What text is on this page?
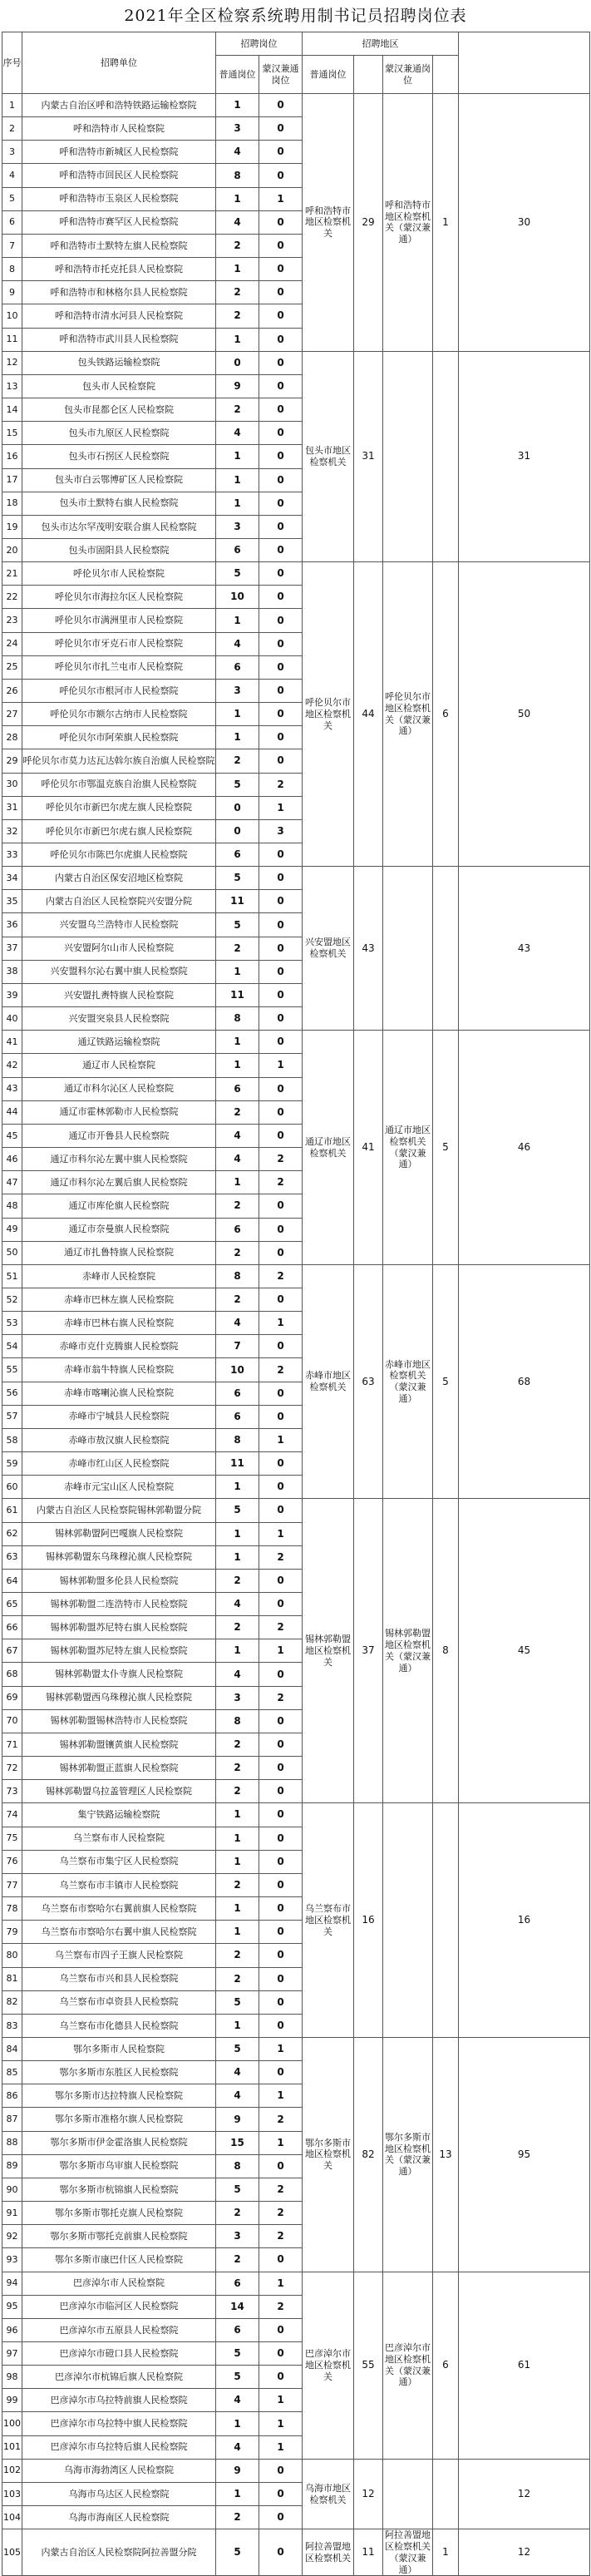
2021年全区检察系统聘用制书记员招聘岗位表
序号	招聘单位	招聘岗位		招聘地区				
		普通岗位	蒙汉兼通岗位	普通岗位		蒙汉兼通岗位		
1	内蒙古自治区呼和浩特铁路运输检察院	1	0	呼和浩特市地区检察机关	29	呼和浩特市地区检察机关（蒙汉兼通）	1	30
2	呼和浩特市人民检察院	3	0					
3	呼和浩特市新城区人民检察院	4	0					
4	呼和浩特市回民区人民检察院	8	0					
5	呼和浩特市玉泉区人民检察院	1	1					
6	呼和浩特市赛罕区人民检察院	4	0					
7	呼和浩特市土默特左旗人民检察院	2	0					
8	呼和浩特市托克托县人民检察院	1	0					
9	呼和浩特市和林格尔县人民检察院	2	0					
10	呼和浩特市清水河县人民检察院	2	0					
11	呼和浩特市武川县人民检察院	1	0					
12	包头铁路运输检察院	0	0	包头市地区检察机关	31			31
13	包头市人民检察院	9	0					
14	包头市昆都仑区人民检察院	2	0					
15	包头市九原区人民检察院	4	0					
16	包头市石拐区人民检察院	1	0					
17	包头市白云鄂博矿区人民检察院	1	0					
18	包头市土默特右旗人民检察院	1	0					
19	包头市达尔罕茂明安联合旗人民检察院	3	0					
20	包头市固阳县人民检察院	6	0					
21	呼伦贝尔市人民检察院	5	0	呼伦贝尔市地区检察机关	44	呼伦贝尔市地区检察机关（蒙汉兼通）	6	50
22	呼伦贝尔市海拉尔区人民检察院	10	0					
23	呼伦贝尔市满洲里市人民检察院	1	0					
24	呼伦贝尔市牙克石市人民检察院	4	0					
25	呼伦贝尔市扎兰屯市人民检察院	6	0					
26	呼伦贝尔市根河市人民检察院	3	0					
27	呼伦贝尔市额尔古纳市人民检察院	1	0					
28	呼伦贝尔市阿荣旗人民检察院	1	0					
29	呼伦贝尔市莫力达瓦达斡尔族自治旗人民检察院	2	0					
30	呼伦贝尔市鄂温克族自治旗人民检察院	5	2					
31	呼伦贝尔市新巴尔虎左旗人民检察院	0	1					
32	呼伦贝尔市新巴尔虎右旗人民检察院	0	3					
33	呼伦贝尔市陈巴尔虎旗人民检察院	6	0					
34	内蒙古自治区保安沼地区检察院	5	0	兴安盟地区检察机关	43			43
35	内蒙古自治区人民检察院兴安盟分院	11	0					
36	兴安盟乌兰浩特市人民检察院	5	0					
37	兴安盟阿尔山市人民检察院	2	0					
38	兴安盟科尔沁右翼中旗人民检察院	1	0					
39	兴安盟扎赉特旗人民检察院	11	0					
40	兴安盟突泉县人民检察院	8	0					
41	通辽铁路运输检察院	1	0	通辽市地区检察机关	41	通辽市地区检察机关（蒙汉兼通）	5	46
42	通辽市人民检察院	1	1					
43	通辽市科尔沁区人民检察院	6	0					
44	通辽市霍林郭勒市人民检察院	2	0					
45	通辽市开鲁县人民检察院	4	0					
46	通辽市科尔沁左翼中旗人民检察院	4	2					
47	通辽市科尔沁左翼后旗人民检察院	1	2					
48	通辽市库伦旗人民检察院	2	0					
49	通辽市奈曼旗人民检察院	6	0					
50	通辽市扎鲁特旗人民检察院	2	0					
51	赤峰市人民检察院	8	2	赤峰市地区检察机关	63	赤峰市地区检察机关（蒙汉兼通）	5	68
52	赤峰市巴林左旗人民检察院	2	0					
53	赤峰市巴林右旗人民检察院	4	1					
54	赤峰市克什克腾旗人民检察院	7	0					
55	赤峰市翁牛特旗人民检察院	10	2					
56	赤峰市喀喇沁旗人民检察院	6	0					
57	赤峰市宁城县人民检察院	6	0					
58	赤峰市敖汉旗人民检察院	8	1					
59	赤峰市红山区人民检察院	11	0					
60	赤峰市元宝山区人民检察院	1	0					
61	内蒙古自治区人民检察院锡林郭勒盟分院	5	0	锡林郭勒盟地区检察机关	37	锡林郭勒盟地区检察机关（蒙汉兼通）	8	45
62	锡林郭勒盟阿巴嘎旗人民检察院	1	1					
63	锡林郭勒盟东乌珠穆沁旗人民检察院	1	2					
64	锡林郭勒盟多伦县人民检察院	2	0					
65	锡林郭勒盟二连浩特市人民检察院	4	0					
66	锡林郭勒盟苏尼特右旗人民检察院	2	2					
67	锡林郭勒盟苏尼特左旗人民检察院	1	1					
68	锡林郭勒盟太仆寺旗人民检察院	4	0					
69	锡林郭勒盟西乌珠穆沁旗人民检察院	3	2					
70	锡林郭勒盟锡林浩特市人民检察院	8	0					
71	锡林郭勒盟镶黄旗人民检察院	2	0					
72	锡林郭勒盟正蓝旗人民检察院	2	0					
73	锡林郭勒盟乌拉盖管理区人民检察院	2	0					
74	集宁铁路运输检察院	1	0	乌兰察布市地区检察机关	16			16
75	乌兰察布市人民检察院	1	0					
76	乌兰察布市集宁区人民检察院	1	0					
77	乌兰察布市丰镇市人民检察院	2	0					
78	乌兰察布市察哈尔右翼前旗人民检察院	1	0					
79	乌兰察布市察哈尔右翼中旗人民检察院	1	0					
80	乌兰察布市四子王旗人民检察院	2	0					
81	乌兰察布市兴和县人民检察院	2	0					
82	乌兰察布市卓资县人民检察院	5	0					
83	乌兰察布市化德县人民检察院	1	0					
84	鄂尔多斯市人民检察院	5	1	鄂尔多斯市地区检察机关	82	鄂尔多斯市地区检察机关（蒙汉兼通）	13	95
85	鄂尔多斯市东胜区人民检察院	4	0					
86	鄂尔多斯市达拉特旗人民检察院	4	1					
87	鄂尔多斯市准格尔旗人民检察院	9	2					
88	鄂尔多斯市伊金霍洛旗人民检察院	15	1					
89	鄂尔多斯市乌审旗人民检察院	8	0					
90	鄂尔多斯市杭锦旗人民检察院	5	2					
91	鄂尔多斯市鄂托克旗人民检察院	2	2					
92	鄂尔多斯市鄂托克前旗人民检察院	3	2					
93	鄂尔多斯市康巴什区人民检察院	2	0					
94	巴彦淖尔市人民检察院	6	1	巴彦淖尔市地区检察机关	55	巴彦淖尔市地区检察机关（蒙汉兼通）	6	61
95	巴彦淖尔市临河区人民检察院	14	2					
96	巴彦淖尔市五原县人民检察院	6	0					
97	巴彦淖尔市磴口县人民检察院	5	0					
98	巴彦淖尔市杭锦后旗人民检察院	5	0					
99	巴彦淖尔市乌拉特前旗人民检察院	4	1					
100	巴彦淖尔市乌拉特中旗人民检察院	1	1					
101	巴彦淖尔市乌拉特后旗人民检察院	4	1					
102	乌海市海勃湾区人民检察院	9	0	乌海市地区检察机关	12			12
103	乌海市乌达区人民检察院	1	0					
104	乌海市海南区人民检察院	2	0					
105	内蒙古自治区人民检察院阿拉善盟分院	5	0	阿拉善盟地区检察机关	11	阿拉善盟地区检察机关（蒙汉兼通）	1	12
